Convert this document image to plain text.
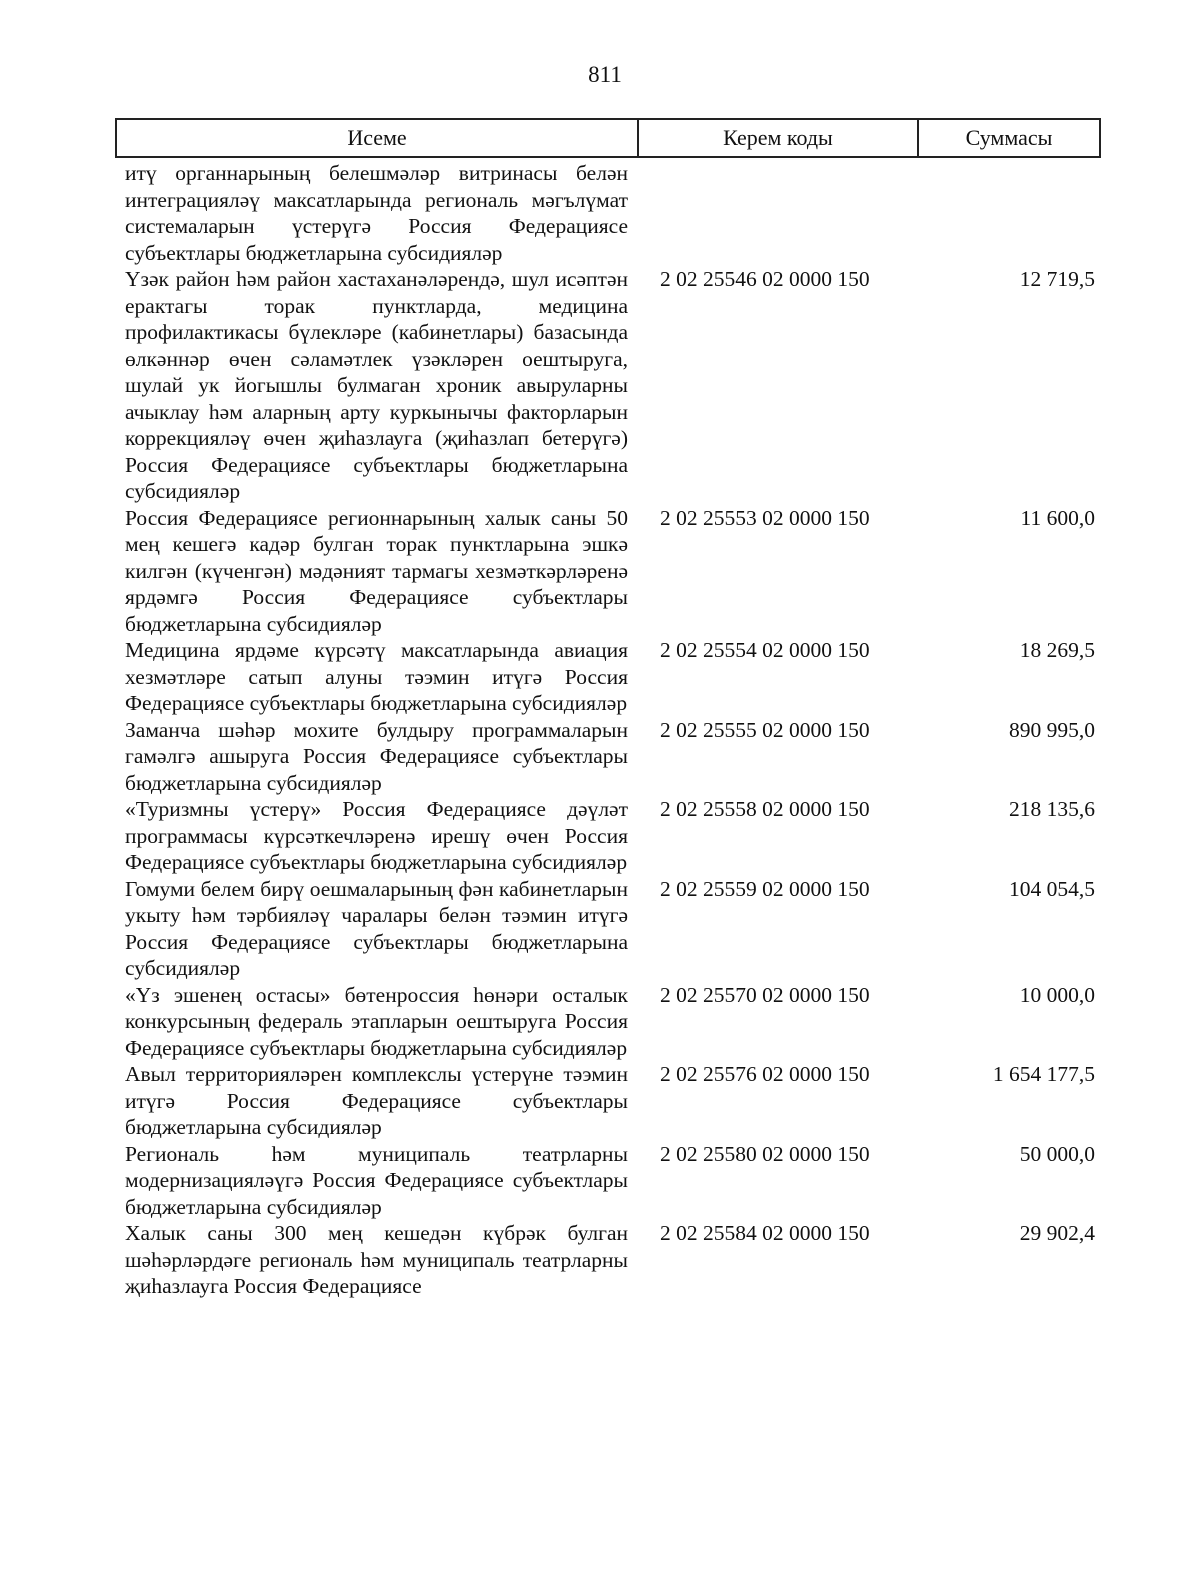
811
Исеме	Керем коды	Суммасы
итү органнарының белешмәләр витринасы белән интеграцияләү максатларында региональ мәгълүмат системаларын үстерүгә Россия Федерациясе субъектлары бюджетларына субсидияләр
Үзәк район һәм район хастаханәләрендә, шул исәптән ерактагы торак пунктларда, медицина профилактикасы бүлекләре (кабинетлары) базасында өлкәннәр өчен сәламәтлек үзәкләрен оештыруга, шулай ук йогышлы булмаган хроник авыруларны ачыклау һәм аларның арту куркынычы факторларын коррекцияләү өчен җиһазлауга (җиһазлап бетерүгә) Россия Федерациясе субъектлары бюджетларына субсидияләр
2 02 25546 02 0000 150	12 719,5
Россия Федерациясе регионнарының халык саны 50 мең кешегә кадәр булган торак пунктларына эшкә килгән (күченгән) мәдәният тармагы хезмәткәрләренә ярдәмгә Россия Федерациясе субъектлары бюджетларына субсидияләр
2 02 25553 02 0000 150	11 600,0
Медицина ярдәме күрсәтү максатларында авиация хезмәтләре сатып алуны тәэмин итүгә Россия Федерациясе субъектлары бюджетларына субсидияләр
2 02 25554 02 0000 150	18 269,5
Заманча шәһәр мохите булдыру программаларын гамәлгә ашыруга Россия Федерациясе субъектлары бюджетларына субсидияләр
2 02 25555 02 0000 150	890 995,0
«Туризмны үстерү» Россия Федерациясе дәүләт программасы күрсәткечләренә ирешү өчен Россия Федерациясе субъектлары бюджетларына субсидияләр
2 02 25558 02 0000 150	218 135,6
Гомуми белем бирү оешмаларының фән кабинетларын укыту һәм тәрбияләү чаралары белән тәэмин итүгә Россия Федерациясе субъектлары бюджетларына субсидияләр
2 02 25559 02 0000 150	104 054,5
«Үз эшенең остасы» бөтенроссия һөнәри осталык конкурсының федераль этапларын оештыруга Россия Федерациясе субъектлары бюджетларына субсидияләр
2 02 25570 02 0000 150	10 000,0
Авыл территорияләрен комплекслы үстерүне тәэмин итүгә Россия Федерациясе субъектлары бюджетларына субсидияләр
2 02 25576 02 0000 150	1 654 177,5
Региональ һәм муниципаль театрларны модернизацияләүгә Россия Федерациясе субъектлары бюджетларына субсидияләр
2 02 25580 02 0000 150	50 000,0
Халык саны 300 мең кешедән күбрәк булган шәһәрләрдәге региональ һәм муниципаль театрларны җиһазлауга Россия Федерациясе
2 02 25584 02 0000 150	29 902,4
